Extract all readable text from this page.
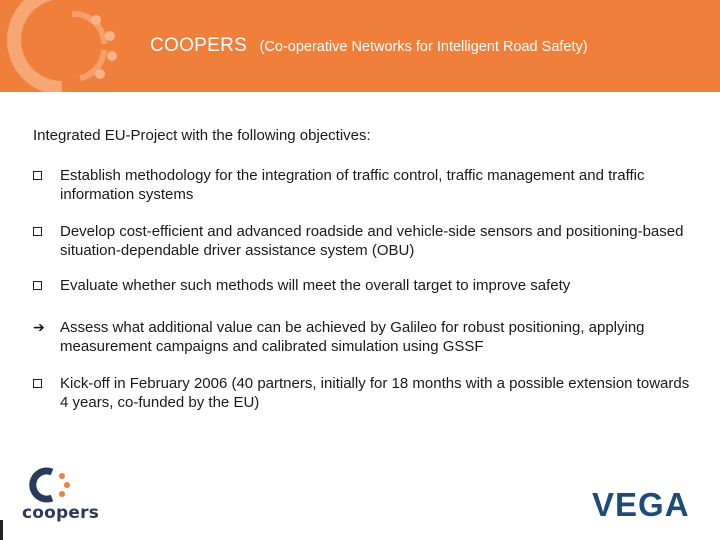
COOPERS (Co-operative Networks for Intelligent Road Safety)

Integrated EU-Project with the following objectives:

Establish methodology for the integration of traffic control, traffic management and traffic information systems
Develop cost-efficient and advanced roadside and vehicle-side sensors and positioning-based situation-dependable driver assistance system (OBU)
Evaluate whether such methods will meet the overall target to improve safety
➔ Assess what additional value can be achieved by Galileo for robust positioning, applying measurement campaigns and calibrated simulation using GSSF
Kick-off in February 2006 (40 partners, initially for 18 months with a possible extension towards 4 years, co-funded by the EU)
coopers	VEGA
